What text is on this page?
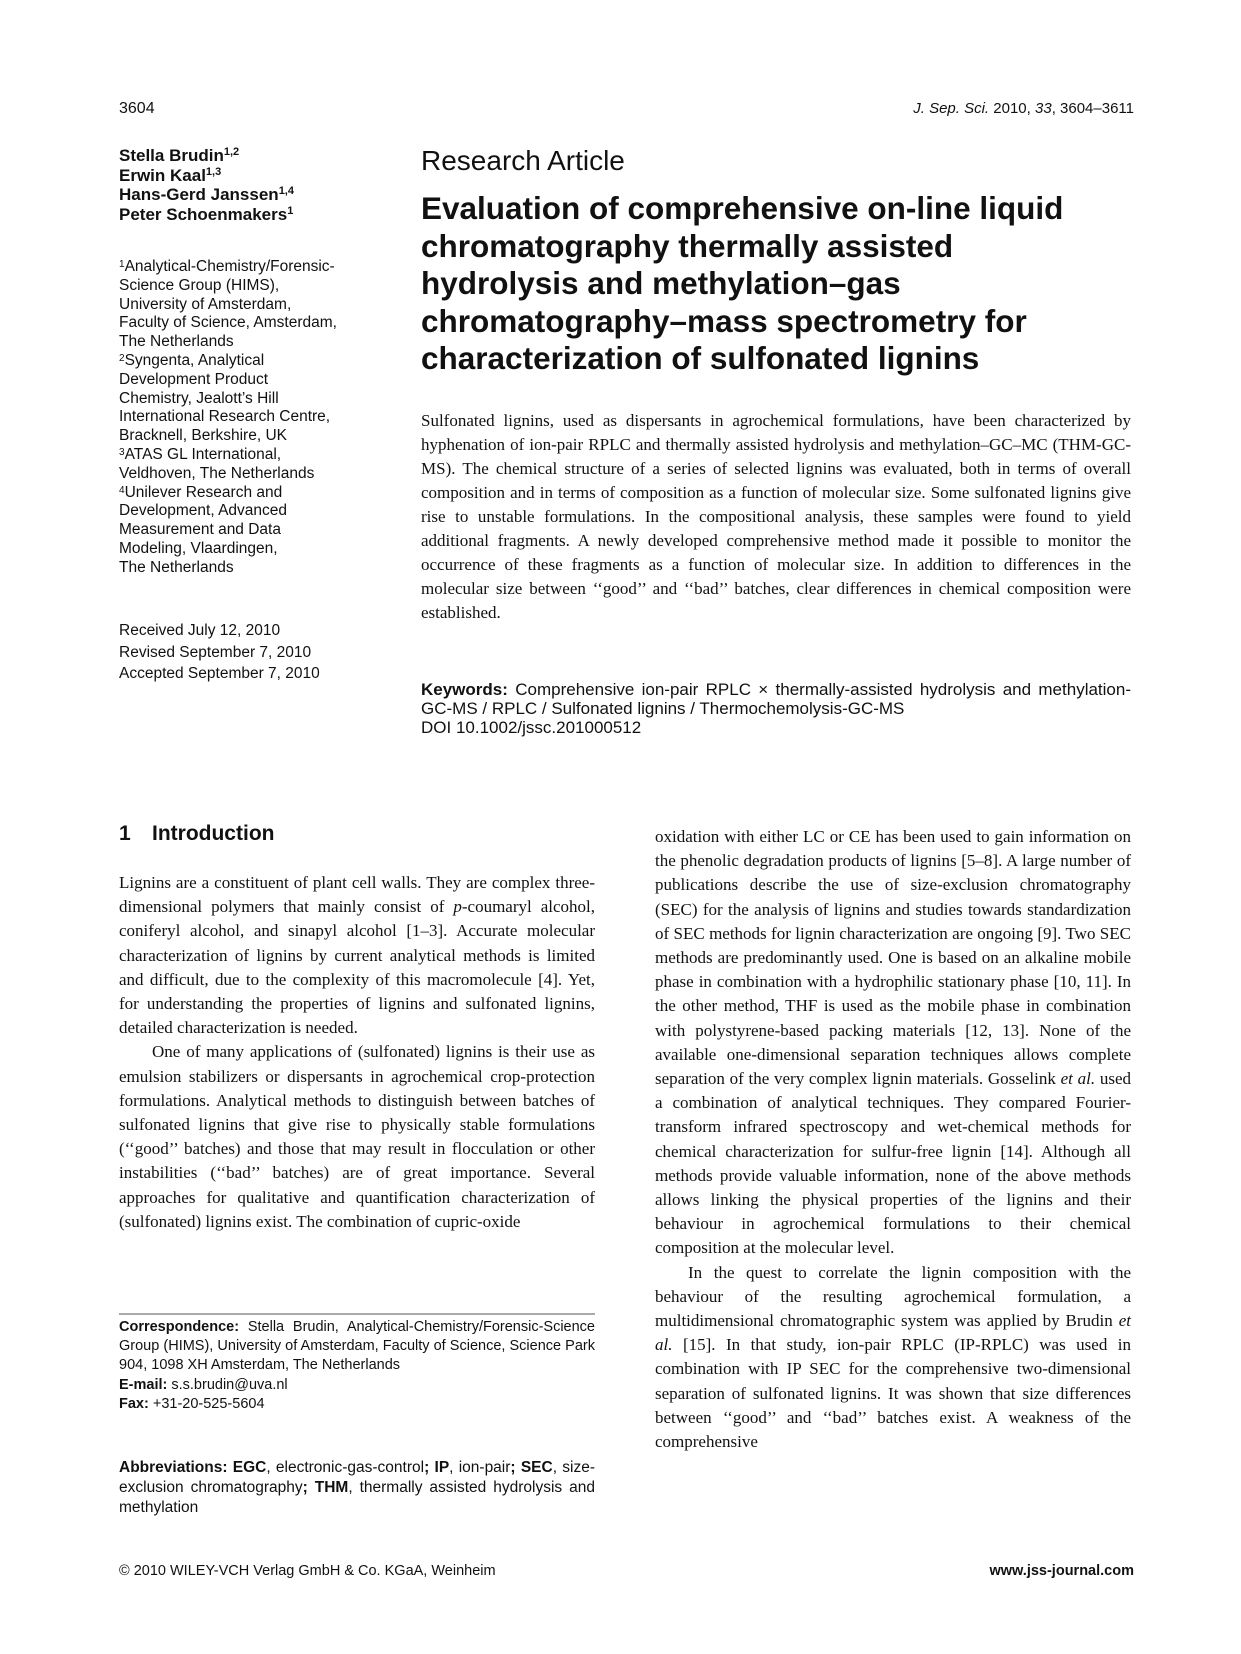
3604	J. Sep. Sci. 2010, 33, 3604–3611
Stella Brudin$^{1,2}$
Erwin Kaal$^{1,3}$
Hans-Gerd Janssen$^{1,4}$
Peter Schoenmakers$^1$
$^1$Analytical-Chemistry/Forensic-
Science Group (HIMS),
University of Amsterdam,
Faculty of Science, Amsterdam,
The Netherlands
$^2$Syngenta, Analytical
Development Product
Chemistry, Jealott’s Hill
International Research Centre,
Bracknell, Berkshire, UK
$^3$ATAS GL International,
Veldhoven, The Netherlands
$^4$Unilever Research and
Development, Advanced
Measurement and Data
Modeling, Vlaardingen,
The Netherlands
Received July 12, 2010
Revised September 7, 2010
Accepted September 7, 2010
Research Article
Evaluation of comprehensive on-line liquid
chromatography thermally assisted
hydrolysis and methylation–gas
chromatography–mass spectrometry for
characterization of sulfonated lignins

Sulfonated lignins, used as dispersants in agrochemical formulations, have been characterized by hyphenation of ion-pair RPLC and thermally assisted hydrolysis and methylation–GC–MC (THM-GC-MS). The chemical structure of a series of selected lignins was evaluated, both in terms of overall composition and in terms of composition as a function of molecular size. Some sulfonated lignins give rise to unstable formulations. In the compositional analysis, these samples were found to yield additional fragments. A newly developed comprehensive method made it possible to monitor the occurrence of these fragments as a function of molecular size. In addition to differences in the molecular size between ‘‘good’’ and ‘‘bad’’ batches, clear differences in chemical composition were established.

Keywords: Comprehensive ion-pair RPLC × thermally-assisted hydrolysis and methylation-GC-MS / RPLC / Sulfonated lignins / Thermochemolysis-GC-MS
DOI 10.1002/jssc.201000512
1 Introduction

Lignins are a constituent of plant cell walls. They are complex three-dimensional polymers that mainly consist of p-coumaryl alcohol, coniferyl alcohol, and sinapyl alcohol [1–3]. Accurate molecular characterization of lignins by current analytical methods is limited and difficult, due to the complexity of this macromolecule [4]. Yet, for understanding the properties of lignins and sulfonated lignins, detailed characterization is needed.

One of many applications of (sulfonated) lignins is their use as emulsion stabilizers or dispersants in agrochemical crop-protection formulations. Analytical methods to distinguish between batches of sulfonated lignins that give rise to physically stable formulations (‘‘good’’ batches) and those that may result in flocculation or other instabilities (‘‘bad’’ batches) are of great importance. Several approaches for qualitative and quantification characterization of (sulfonated) lignins exist. The combination of cupric-oxide

oxidation with either LC or CE has been used to gain information on the phenolic degradation products of lignins [5–8]. A large number of publications describe the use of size-exclusion chromatography (SEC) for the analysis of lignins and studies towards standardization of SEC methods for lignin characterization are ongoing [9]. Two SEC methods are predominantly used. One is based on an alkaline mobile phase in combination with a hydrophilic stationary phase [10, 11]. In the other method, THF is used as the mobile phase in combination with polystyrene-based packing materials [12, 13]. None of the available one-dimensional separation techniques allows complete separation of the very complex lignin materials. Gosselink et al. used a combination of analytical techniques. They compared Fourier-transform infrared spectroscopy and wet-chemical methods for chemical characterization for sulfur-free lignin [14]. Although all methods provide valuable information, none of the above methods allows linking the physical properties of the lignins and their behaviour in agrochemical formulations to their chemical composition at the molecular level.

In the quest to correlate the lignin composition with the behaviour of the resulting agrochemical formulation, a multidimensional chromatographic system was applied by Brudin et al. [15]. In that study, ion-pair RPLC (IP-RPLC) was used in combination with IP SEC for the comprehensive two-dimensional separation of sulfonated lignins. It was shown that size differences between ‘‘good’’ and ‘‘bad’’ batches exist. A weakness of the comprehensive

Correspondence: Stella Brudin, Analytical-Chemistry/Forensic-Science Group (HIMS), University of Amsterdam, Faculty of Science, Science Park 904, 1098 XH Amsterdam, The Netherlands
E-mail: s.s.brudin@uva.nl
Fax: +31-20-525-5604
Abbreviations: EGC, electronic-gas-control; IP, ion-pair; SEC, size-exclusion chromatography; THM, thermally assisted hydrolysis and methylation
© 2010 WILEY-VCH Verlag GmbH & Co. KGaA, Weinheim	www.jss-journal.com
